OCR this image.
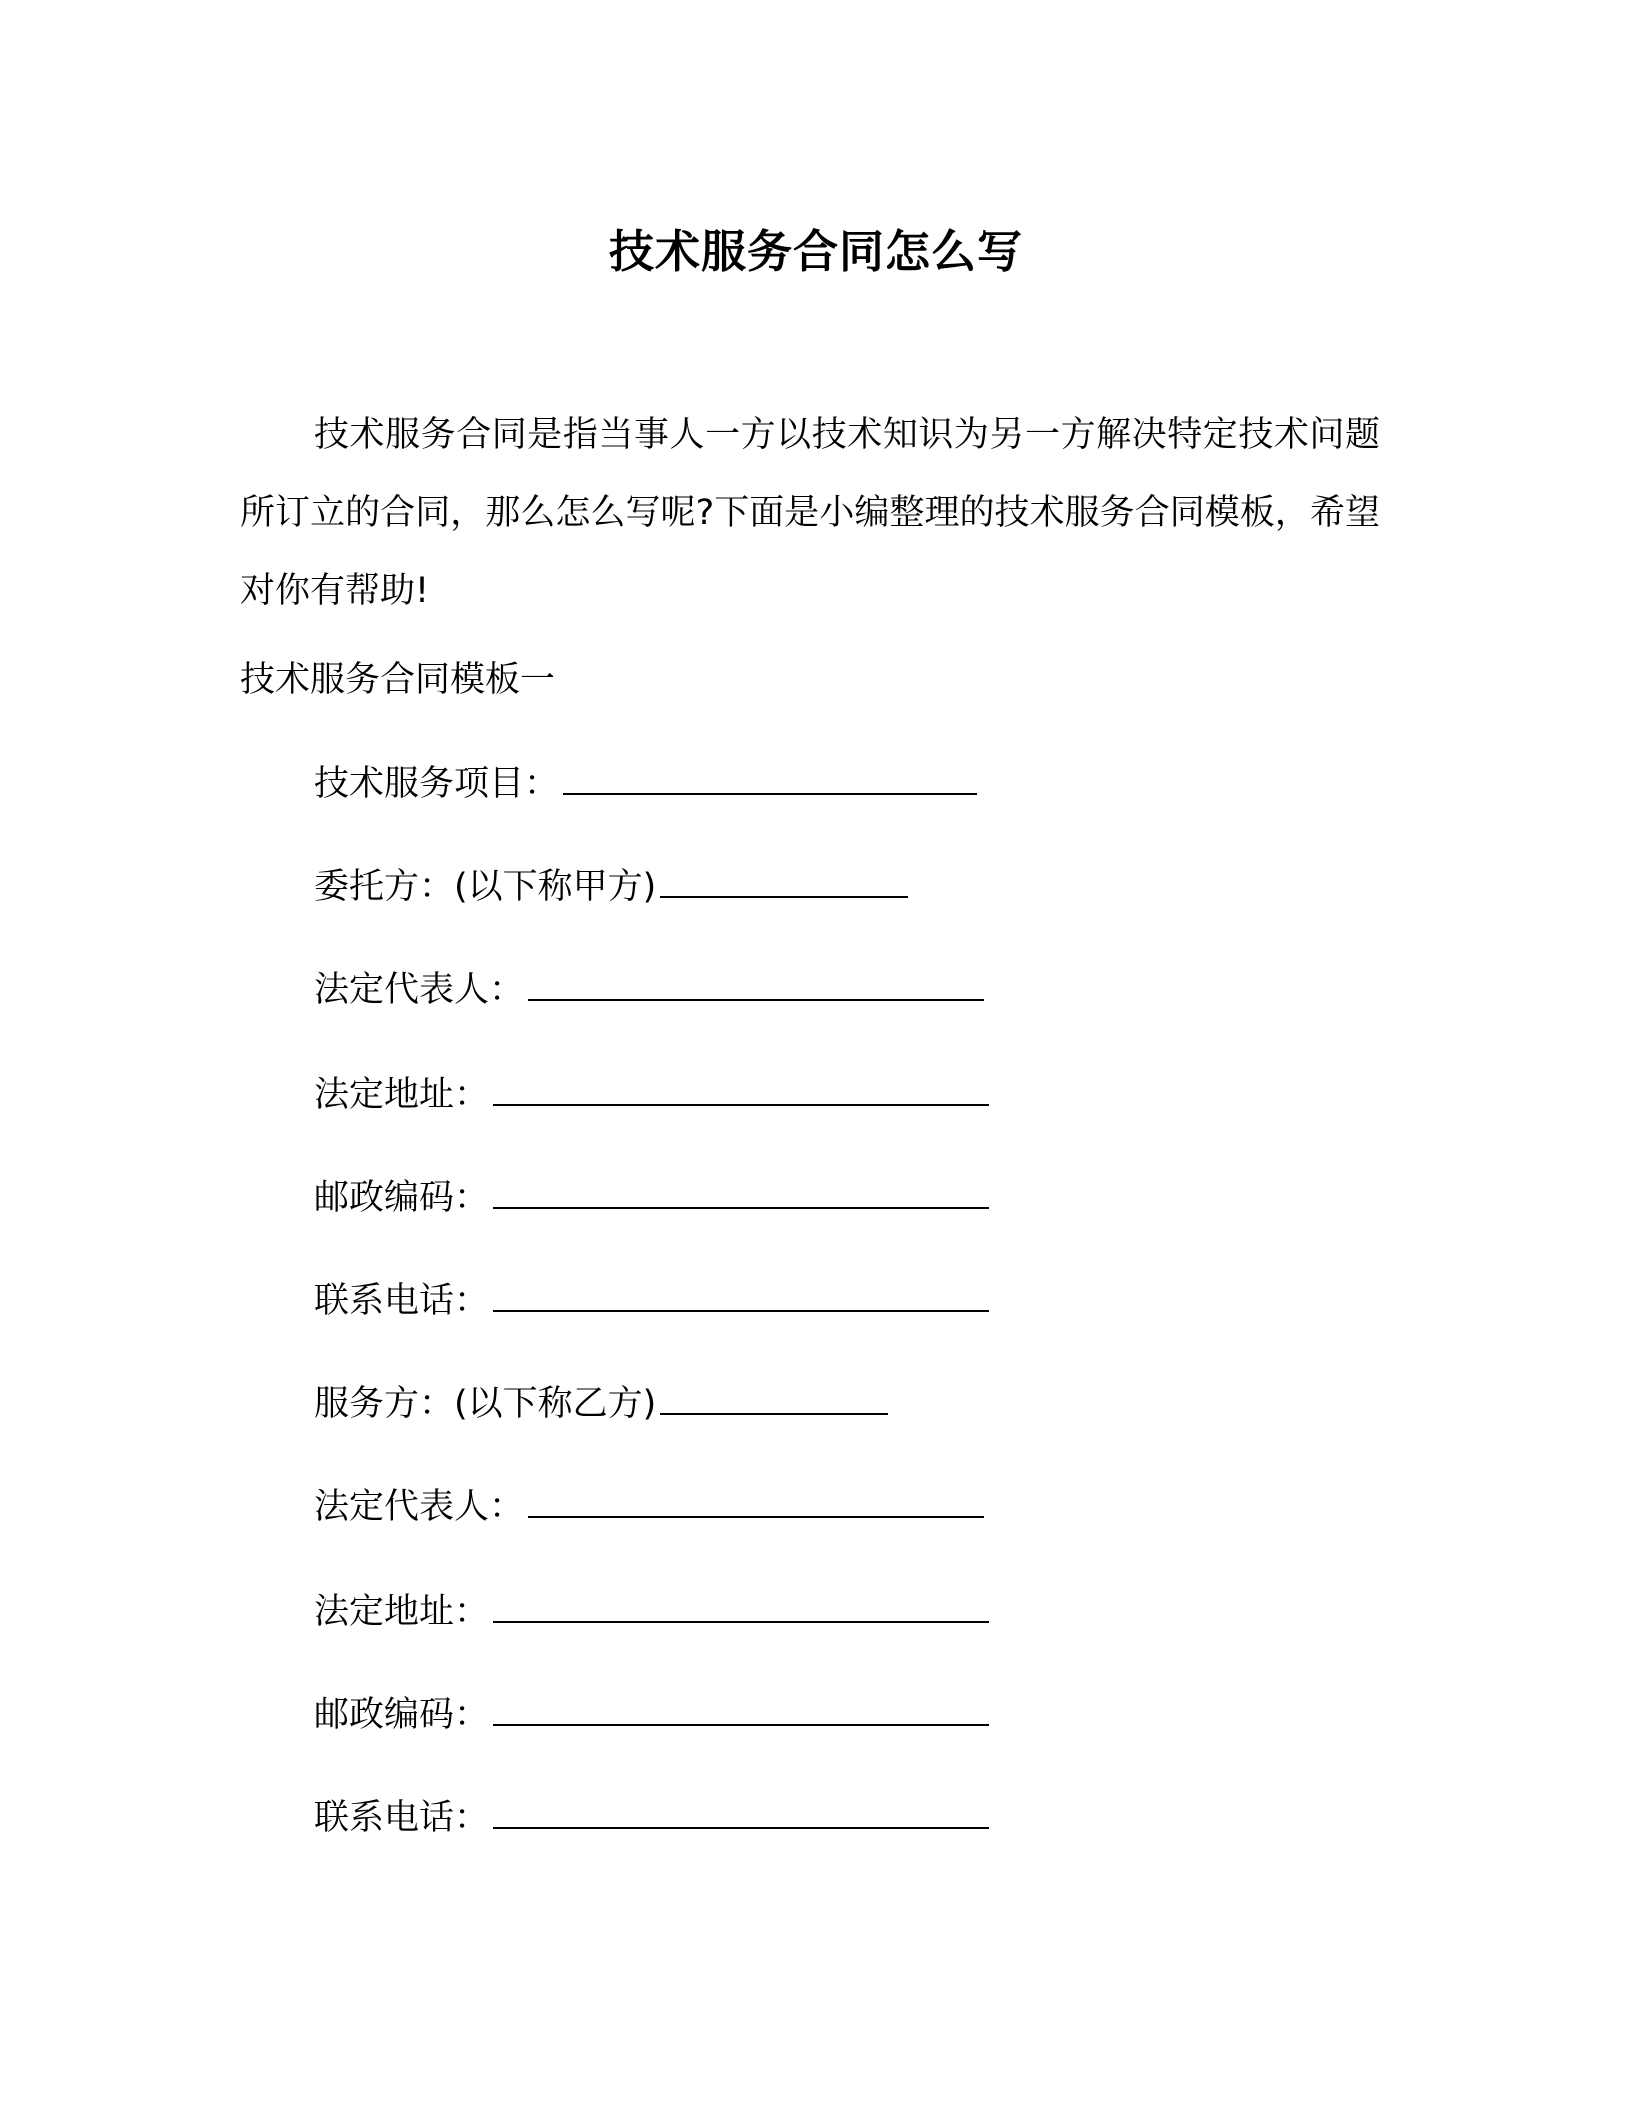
技术服务合同怎么写

技术服务合同是指当事人一方以技术知识为另一方解决特定技术问题所订立的合同，那么怎么写呢?下面是小编整理的技术服务合同模板，希望对你有帮助!

技术服务合同模板一

技术服务项目：
委托方：(以下称甲方)
法定代表人：
法定地址：
邮政编码：
联系电话：
服务方：(以下称乙方)
法定代表人：
法定地址：
邮政编码：
联系电话：
